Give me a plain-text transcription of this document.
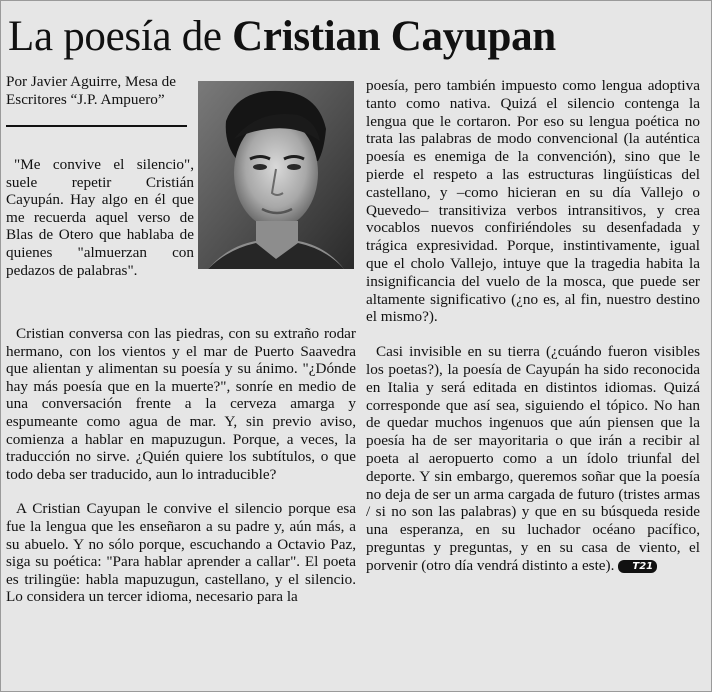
La poesía de Cristian Cayupan
Por Javier Aguirre, Mesa de Escritores “J.P. Ampuero”

"Me convive el silencio", suele repetir Cristián Cayupán. Hay algo en él que me recuerda aquel verso de Blas de Otero que hablaba de quienes "almuerzan con pedazos de palabras".

Cristian conversa con las piedras, con su extraño rodar hermano, con los vientos y el mar de Puerto Saavedra que alientan y alimentan su poesía y su ánimo. "¿Dónde hay más poesía que en la muerte?", sonríe en medio de una conversación frente a la cerveza amarga y espumeante como agua de mar. Y, sin previo aviso, comienza a hablar en mapuzugun. Porque, a veces, la traducción no sirve. ¿Quién quiere los subtítulos, o que todo deba ser traducido, aun lo intraducible?

A Cristian Cayupan le convive el silencio porque esa fue la lengua que les enseñaron a su padre y, aún más, a su abuelo. Y no sólo porque, escuchando a Octavio Paz, siga su poética: "Para hablar aprender a callar". El poeta es trilingüe: habla mapuzugun, castellano, y el silencio. Lo considera un tercer idioma, necesario para la

poesía, pero también impuesto como lengua adoptiva tanto como nativa. Quizá el silencio contenga la lengua que le cortaron. Por eso su lengua poética no trata las palabras de modo convencional (la auténtica poesía es enemiga de la convención), sino que le pierde el respeto a las estructuras lingüísticas del castellano, y –como hicieran en su día Vallejo o Quevedo– transitiviza verbos intransitivos, y crea vocablos nuevos confiriéndoles su desenfadada y trágica expresividad. Porque, instintivamente, igual que el cholo Vallejo, intuye que la tragedia habita la insignificancia del vuelo de la mosca, que puede ser altamente significativo (¿no es, al fin, nuestro destino el mismo?).

Casi invisible en su tierra (¿cuándo fueron visibles los poetas?), la poesía de Cayupán ha sido reconocida en Italia y será editada en distintos idiomas. Quizá corresponde que así sea, siguiendo el tópico. No han de quedar muchos ingenuos que aún piensen que la poesía ha de ser mayoritaria o que irán a recibir al poeta al aeropuerto como a un ídolo triunfal del deporte. Y sin embargo, queremos soñar que la poesía no deja de ser un arma cargada de futuro (tristes armas / si no son las palabras) y que en su búsqueda reside una esperanza, en su luchador océano pacífico, preguntas y preguntas, y en su casa de viento, el porvenir (otro día vendrá distinto a este). T21
